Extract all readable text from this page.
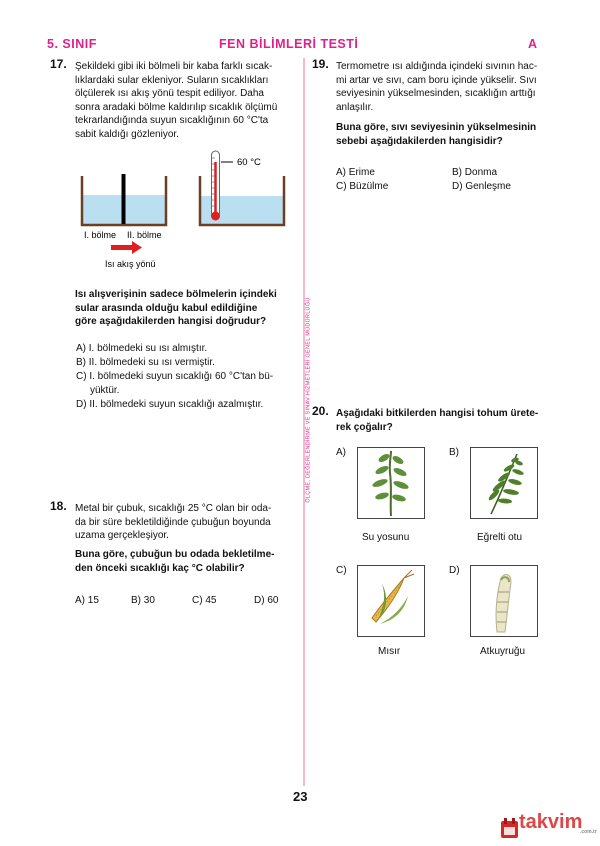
5. SINIF	FEN BİLİMLERİ TESTİ	A
ÖLÇME, DEĞERLENDİRME VE SINAV HİZMETLERİ GENEL MÜDÜRLÜĞÜ
17. Şekildeki gibi iki bölmeli bir kaba farklı sıcak-
lıklardaki sular ekleniyor. Suların sıcaklıkları
ölçülerek ısı akış yönü tespit ediliyor. Daha
sonra aradaki bölme kaldırılıp sıcaklık ölçümü
tekrarlandığında suyun sıcaklığının 60 °C'ta
sabit kaldığı gözleniyor.
60 °C
I. bölme II. bölme
Isı akış yönü
Isı alışverişinin sadece bölmelerin içindeki
sular arasında olduğu kabul edildiğine
göre aşağıdakilerden hangisi doğrudur?
A) I. bölmedeki su ısı almıştır.
B) II. bölmedeki su ısı vermiştir.
C) I. bölmedeki suyun sıcaklığı 60 °C'tan bü-
yüktür.
D) II. bölmedeki suyun sıcaklığı azalmıştır.
18. Metal bir çubuk, sıcaklığı 25 °C olan bir oda-
da bir süre bekletildiğinde çubuğun boyunda
uzama gerçekleşiyor.
Buna göre, çubuğun bu odada bekletilme-
den önceki sıcaklığı kaç °C olabilir?
A) 15	B) 30	C) 45	D) 60
19. Termometre ısı aldığında içindeki sıvının hac-
mi artar ve sıvı, cam boru içinde yükselir. Sıvı
seviyesinin yükselmesinden, sıcaklığın arttığı
anlaşılır.
Buna göre, sıvı seviyesinin yükselmesinin
sebebi aşağıdakilerden hangisidir?
A) Erime	B) Donma
C) Büzülme	D) Genleşme
20. Aşağıdaki bitkilerden hangisi tohum ürete-
rek çoğalır?
A)
Su yosunu
B)
Eğrelti otu
C)
Mısır
D)
Atkuyruğu
23
takvim
.com.tr
